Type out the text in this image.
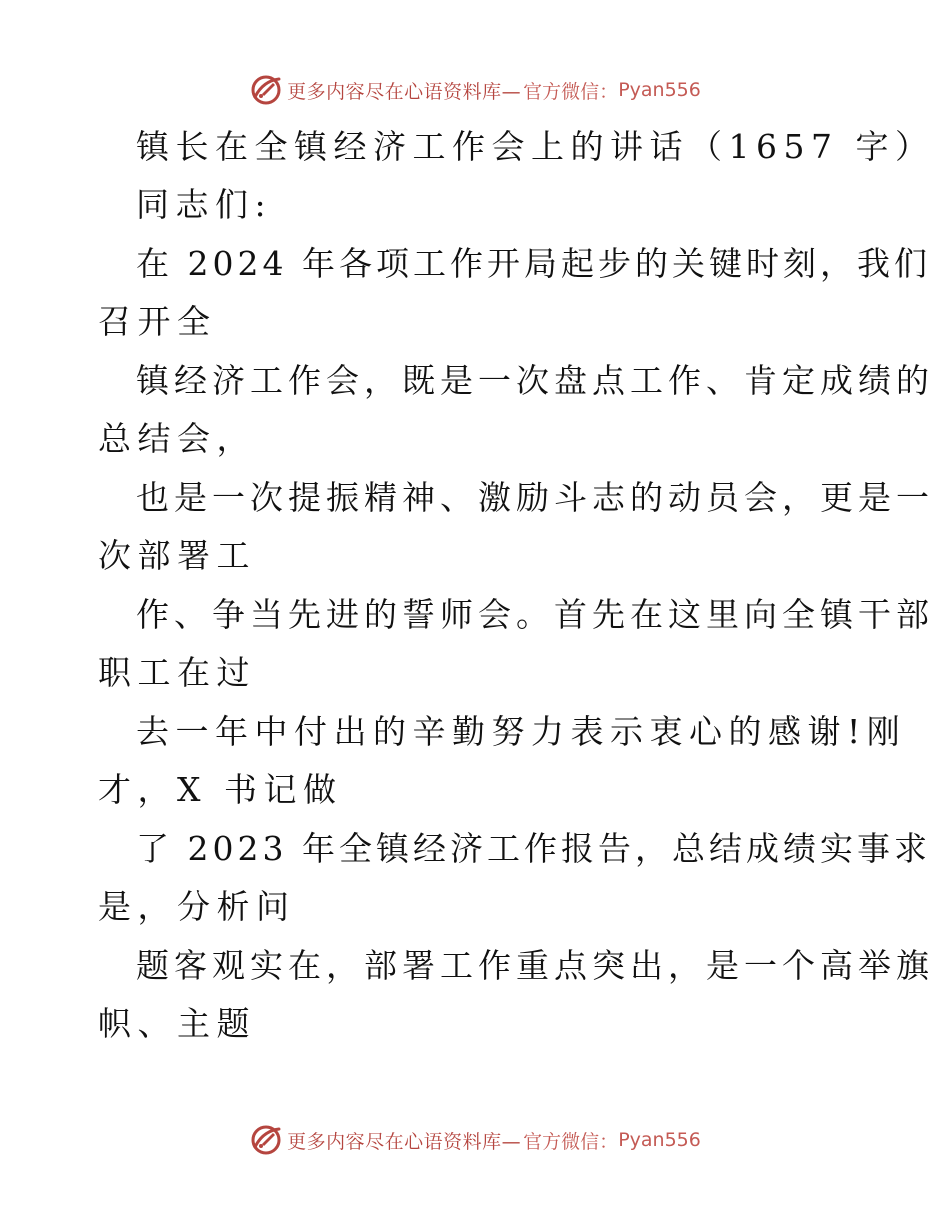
更多内容尽在心语资料库— 官方微信： Pyan556
镇长在全镇经济工作会上的讲话（1657 字）
同志们:
在 2024 年各项工作开局起步的关键时刻，我们
召开全
镇经济工作会，既是一次盘点工作、肯定成绩的
总结会，
也是一次提振精神、激励斗志的动员会，更是一
次部署工
作、争当先进的誓师会。首先在这里向全镇干部
职工在过
去一年中付出的辛勤努力表示衷心的感谢!刚
才，X 书记做
了 2023 年全镇经济工作报告，总结成绩实事求
是，分析问
题客观实在，部署工作重点突出，是一个高举旗
帜、主题
更多内容尽在心语资料库— 官方微信： Pyan556
